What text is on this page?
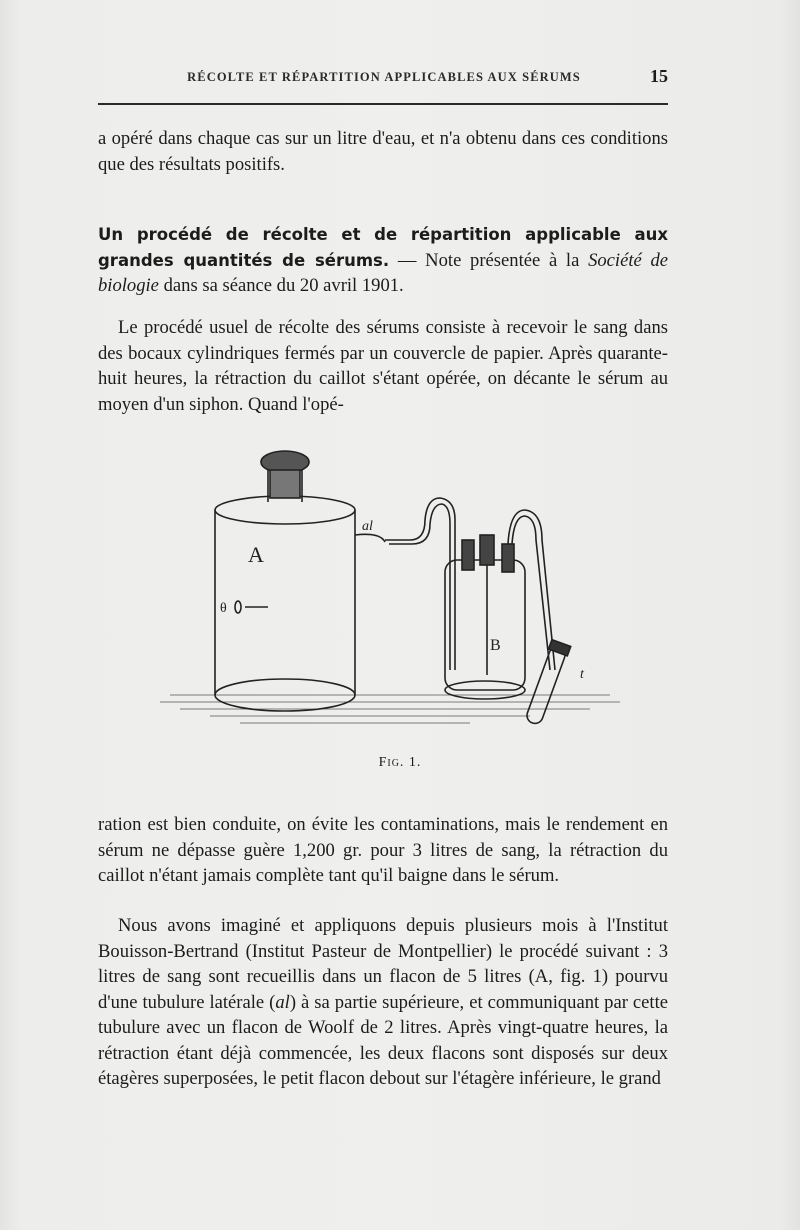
RÉCOLTE ET RÉPARTITION APPLICABLES AUX SÉRUMS	15
a opéré dans chaque cas sur un litre d'eau, et n'a obtenu dans ces conditions que des résultats positifs.
Un procédé de récolte et de répartition applicable aux grandes quantités de sérums. — Note présentée à la Société de biologie dans sa séance du 20 avril 1901.
Le procédé usuel de récolte des sérums consiste à recevoir le sang dans des bocaux cylindriques fermés par un couvercle de papier. Après quarante-huit heures, la rétraction du caillot s'étant opérée, on décante le sérum au moyen d'un siphon. Quand l'opé-
A
θ
al
B
t
Fig. 1.
ration est bien conduite, on évite les contaminations, mais le rendement en sérum ne dépasse guère 1,200 gr. pour 3 litres de sang, la rétraction du caillot n'étant jamais complète tant qu'il baigne dans le sérum.
Nous avons imaginé et appliquons depuis plusieurs mois à l'Institut Bouisson-Bertrand (Institut Pasteur de Montpellier) le procédé suivant : 3 litres de sang sont recueillis dans un flacon de 5 litres (A, fig. 1) pourvu d'une tubulure latérale (al) à sa partie supérieure, et communiquant par cette tubulure avec un flacon de Woolf de 2 litres. Après vingt-quatre heures, la rétraction étant déjà commencée, les deux flacons sont disposés sur deux étagères superposées, le petit flacon debout sur l'étagère inférieure, le grand
